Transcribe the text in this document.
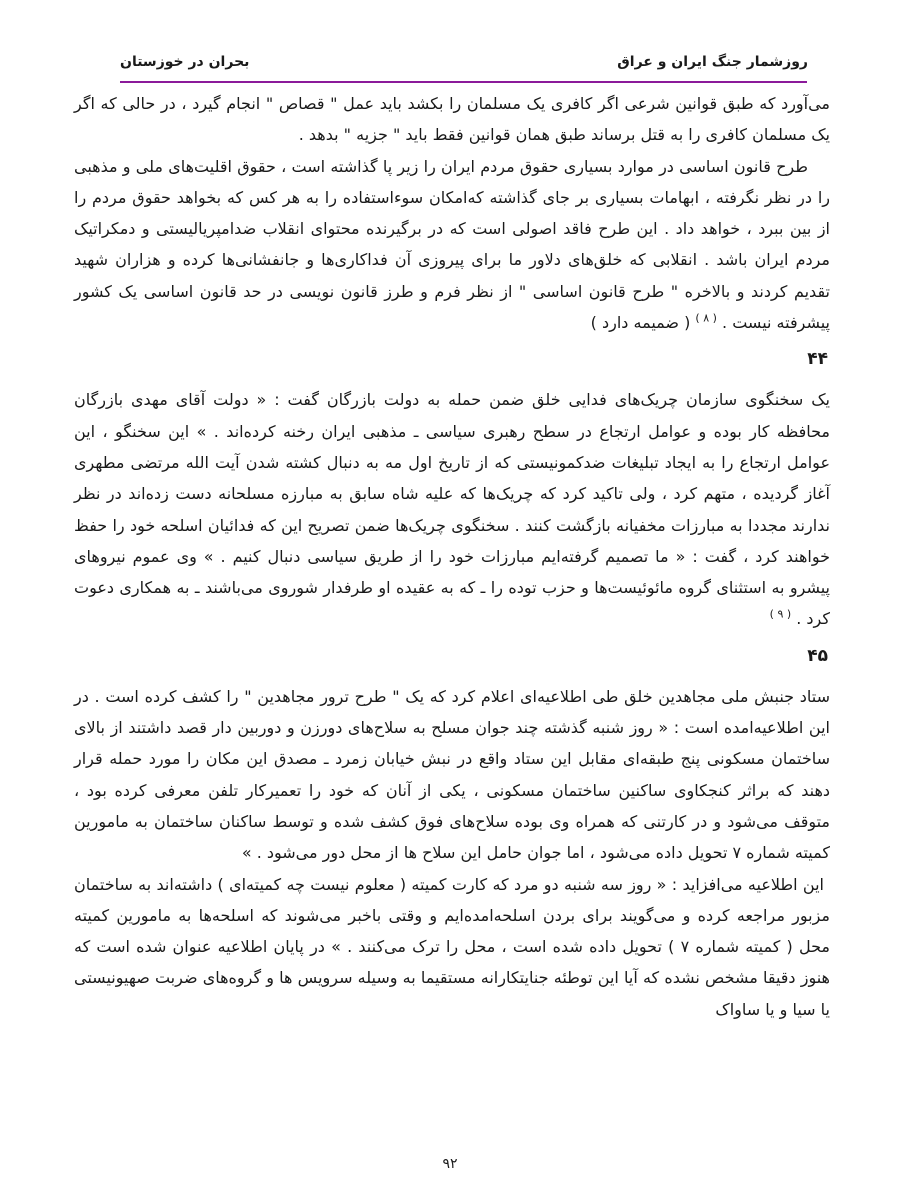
روزشمار جنگ ایران و عراق
بحران در خوزستان

می‌آورد که طبق قوانین شرعی اگر کافری یک مسلمان را بکشد باید عمل " قصاص " انجام گیرد ، در حالی که اگر یک مسلمان کافری را به قتل برساند طبق همان قوانین فقط باید " جزیه " بدهد .

طرح قانون اساسی در موارد بسیاری حقوق مردم ایران را زیر پا گذاشته است ، حقوق اقلیت‌های ملی و مذهبی را در نظر نگرفته ، ابهامات بسیاری بر جای گذاشته که‌امکان سوءاستفاده را به هر کس که بخواهد حقوق مردم را از بین ببرد ، خواهد داد . این طرح فاقد اصولی است که در برگیرنده محتوای انقلاب ضدامپریالیستی و دمکراتیک مردم ایران باشد . انقلابی که خلق‌های دلاور ما برای پیروزی آن فداکاری‌ها و جانفشانی‌ها کرده و هزاران شهید تقدیم کردند و بالاخره " طرح قانون اساسی " از نظر فرم و طرز قانون نویسی در حد قانون اساسی یک کشور پیشرفته نیست . $^{( ۸ )}$ ( ضمیمه دارد )

۴۴

یک سخنگوی سازمان چریک‌های فدایی خلق ضمن حمله به دولت بازرگان گفت : « دولت آقای مهدی بازرگان محافظه کار بوده و عوامل ارتجاع در سطح رهبری سیاسی ـ مذهبی ایران رخنه کرده‌اند . » این سخنگو ، این عوامل ارتجاع را به ایجاد تبلیغات ضدکمونیستی که از تاریخ اول مه به دنبال کشته شدن آیت الله مرتضی مطهری آغاز گردیده ، متهم کرد ، ولی تاکید کرد که چریک‌ها که علیه شاه سابق به مبارزه مسلحانه دست زده‌اند در نظر ندارند مجددا به مبارزات مخفیانه بازگشت کنند . سخنگوی چریک‌ها ضمن تصریح این که فدائیان اسلحه خود را حفظ خواهند کرد ، گفت : « ما تصمیم گرفته‌ایم مبارزات خود را از طریق سیاسی دنبال کنیم . » وی عموم نیروهای پیشرو به استثنای گروه مائوئیست‌ها و حزب توده را ـ که به عقیده او طرفدار شوروی می‌باشند ـ به همکاری دعوت کرد . $^{( ۹ )}$

۴۵

ستاد جنبش ملی مجاهدین خلق طی اطلاعیه‌ای اعلام کرد که یک " طرح ترور مجاهدین " را کشف کرده است . در این اطلاعیه‌امده است : « روز شنبه گذشته چند جوان مسلح به سلاح‌های دورزن و دوربین دار قصد داشتند از بالای ساختمان مسکونی پنج طبقه‌ای مقابل این ستاد واقع در نبش خیابان زمرد ـ مصدق این مکان را مورد حمله قرار دهند که براثر کنجکاوی ساکنین ساختمان مسکونی ، یکی از آنان که خود را تعمیرکار تلفن معرفی کرده بود ، متوقف می‌شود و در کارتنی که همراه وی بوده سلاح‌های فوق کشف شده و توسط ساکنان ساختمان به مامورین کمیته شماره ۷ تحویل داده می‌شود ، اما جوان حامل این سلاح ها از محل دور می‌شود . »

این اطلاعیه می‌افزاید : « روز سه شنبه دو مرد که کارت کمیته ( معلوم نیست چه کمیته‌ای ) داشته‌اند به ساختمان مزبور مراجعه کرده و می‌گویند برای بردن اسلحه‌امده‌ایم و وقتی باخبر می‌شوند که اسلحه‌ها به مامورین کمیته محل ( کمیته شماره ۷ ) تحویل داده شده است ، محل را ترک می‌کنند . » در پایان اطلاعیه عنوان شده است که هنوز دقیقا مشخص نشده که آیا این توطئه جنایتکارانه مستقیما به وسیله سرویس ها و گروه‌های ضربت صهیونیستی یا سیا و یا ساواک

۹۲
